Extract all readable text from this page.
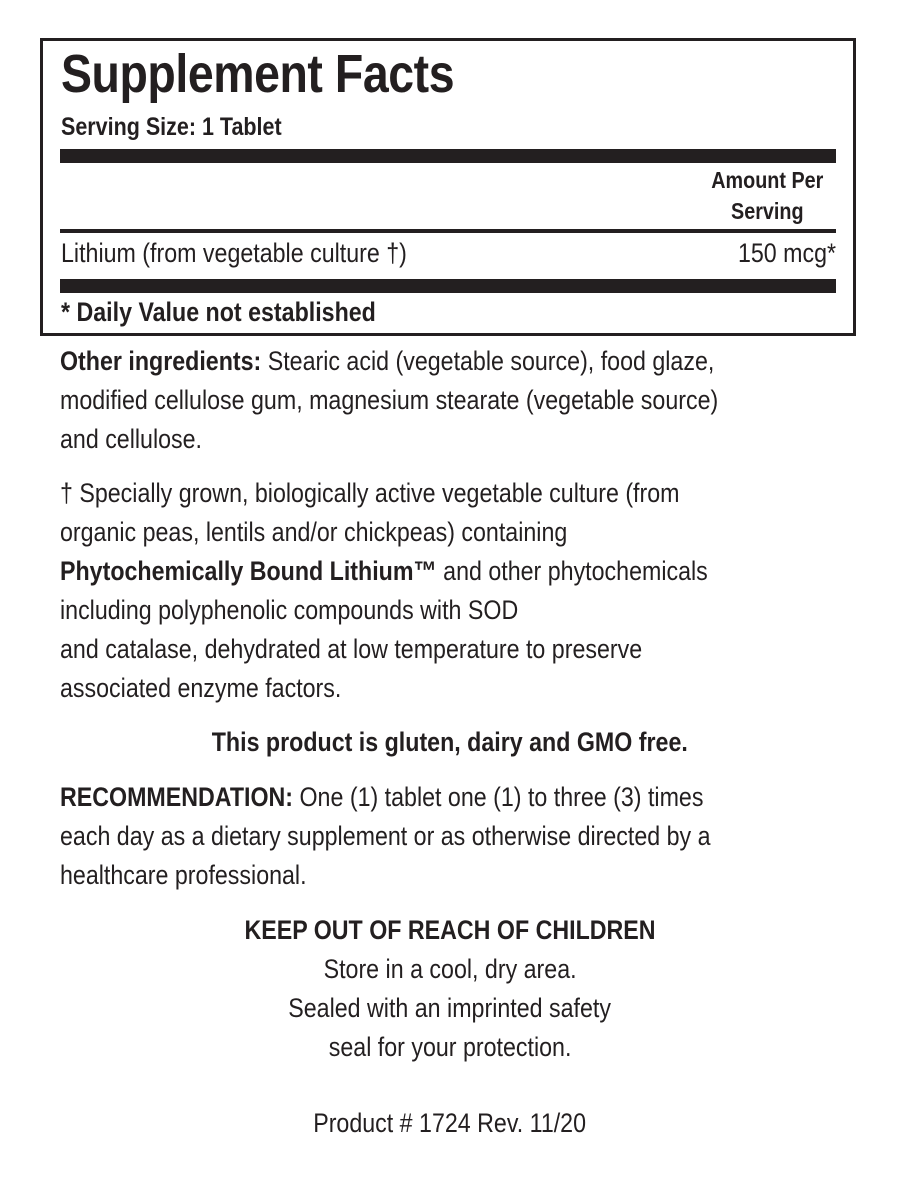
Supplement Facts
Serving Size: 1 Tablet
Amount Per
Serving
Lithium (from vegetable culture †)	150 mcg*
* Daily Value not established
Other ingredients: Stearic acid (vegetable source), food glaze,
modified cellulose gum, magnesium stearate (vegetable source)
and cellulose.
† Specially grown, biologically active vegetable culture (from
organic peas, lentils and/or chickpeas) containing
Phytochemically Bound Lithium™ and other phytochemicals
including polyphenolic compounds with SOD
and catalase, dehydrated at low temperature to preserve
associated enzyme factors.
This product is gluten, dairy and GMO free.
RECOMMENDATION: One (1) tablet one (1) to three (3) times
each day as a dietary supplement or as otherwise directed by a
healthcare professional.
KEEP OUT OF REACH OF CHILDREN
Store in a cool, dry area.
Sealed with an imprinted safety
seal for your protection.
Product # 1724 Rev. 11/20
